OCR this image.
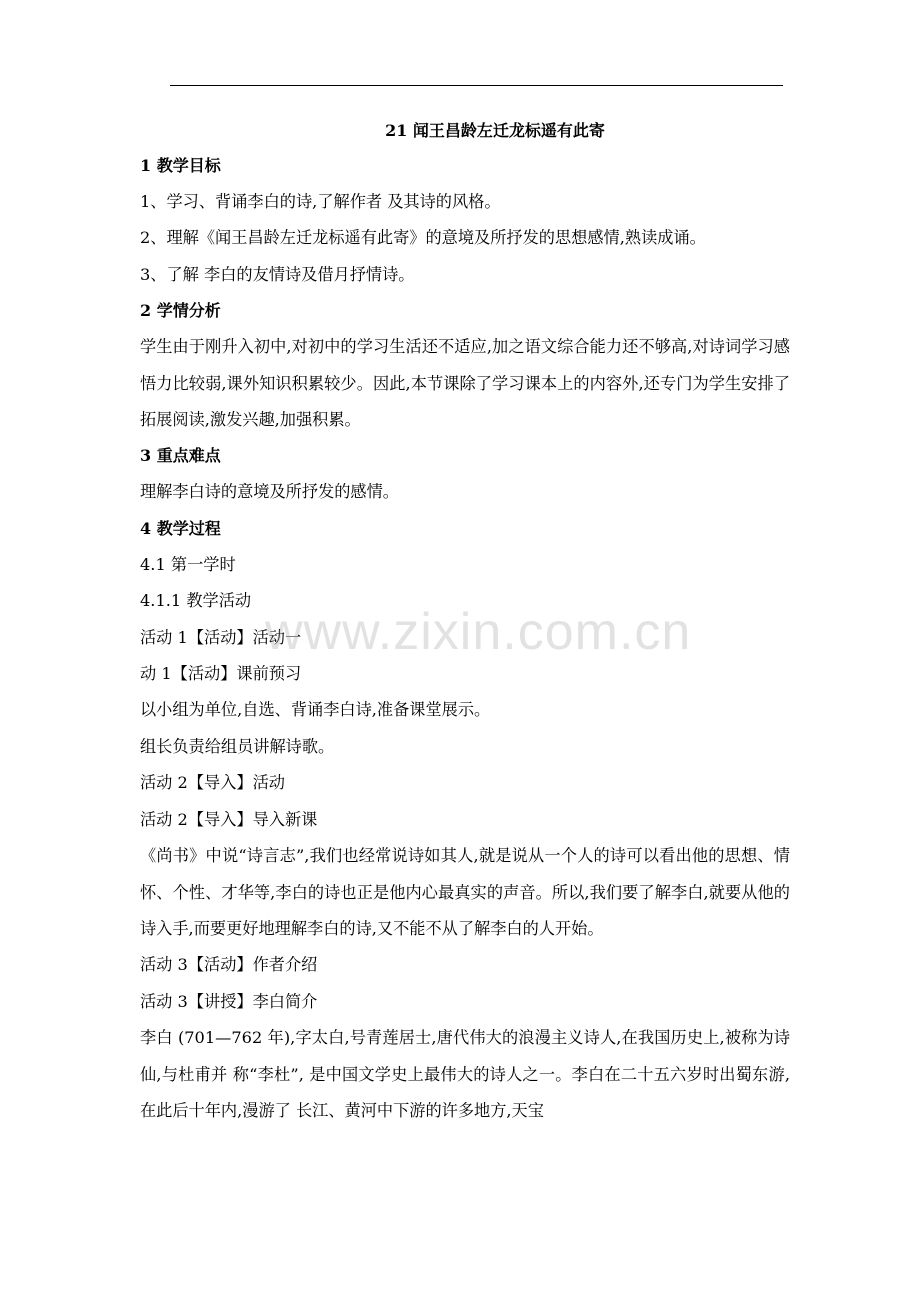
21 闻王昌龄左迁龙标遥有此寄
1 教学目标
1、学习、背诵李白的诗,了解作者 及其诗的风格。
2、理解《闻王昌龄左迁龙标遥有此寄》的意境及所抒发的思想感情,熟读成诵。
3、了解 李白的友情诗及借月抒情诗。
2 学情分析
学生由于刚升入初中,对初中的学习生活还不适应,加之语文综合能力还不够高,对诗词学习感悟力比较弱,课外知识积累较少。因此,本节课除了学习课本上的内容外,还专门为学生安排了拓展阅读,激发兴趣,加强积累。
3 重点难点
理解李白诗的意境及所抒发的感情。
4 教学过程
4.1 第一学时
4.1.1 教学活动
活动 1【活动】活动一
动 1【活动】课前预习
以小组为单位,自选、背诵李白诗,准备课堂展示。
组长负责给组员讲解诗歌。
活动 2【导入】活动
活动 2【导入】导入新课
《尚书》中说“诗言志”,我们也经常说诗如其人,就是说从一个人的诗可以看出他的思想、情怀、个性、才华等,李白的诗也正是他内心最真实的声音。所以,我们要了解李白,就要从他的诗入手,而要更好地理解李白的诗,又不能不从了解李白的人开始。
活动 3【活动】作者介绍
活动 3【讲授】李白简介
李白 (701—762 年),字太白,号青莲居士,唐代伟大的浪漫主义诗人,在我国历史上,被称为诗仙,与杜甫并 称“李杜”, 是中国文学史上最伟大的诗人之一。李白在二十五六岁时出蜀东游,在此后十年内,漫游了 长江、黄河中下游的许多地方,天宝
www.zixin.com.cn
